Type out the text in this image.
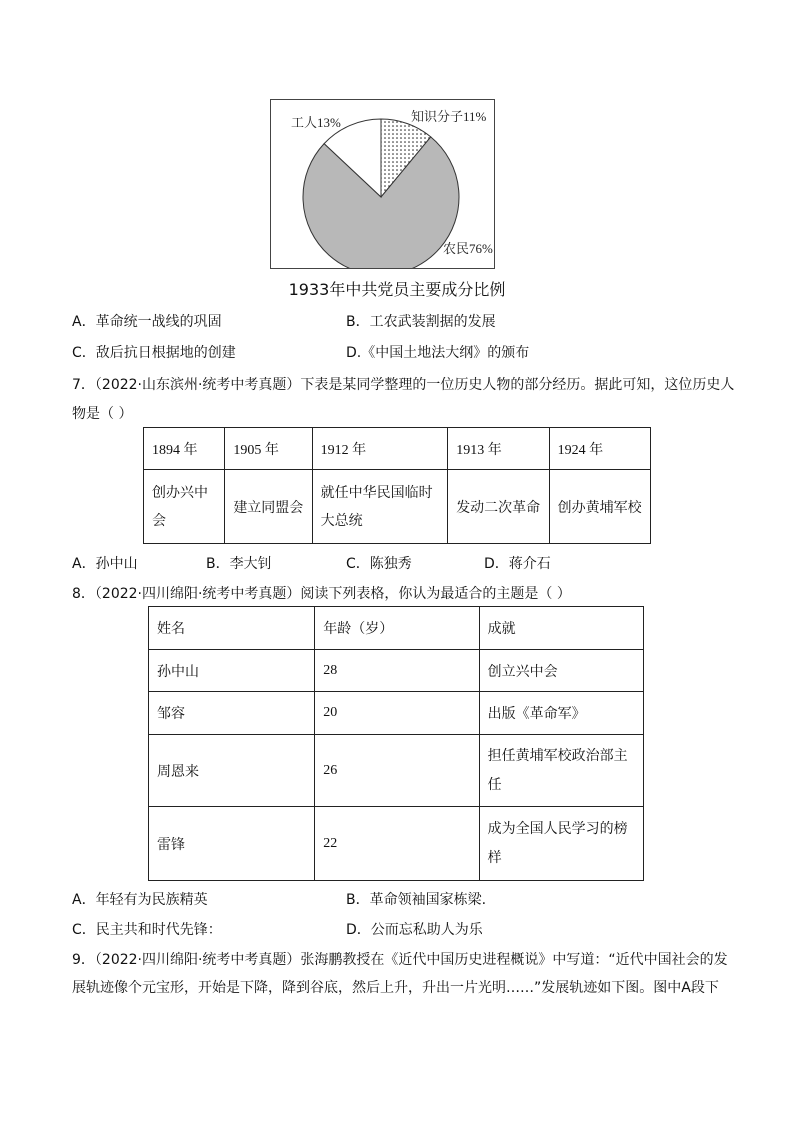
工人13%	知识分子11%
农民76%
1933年中共党员主要成分比例
A．革命统一战线的巩固	B．工农武装割据的发展
C．敌后抗日根据地的创建	D.《中国土地法大纲》的颁布
7．（2022·山东滨州·统考中考真题）下表是某同学整理的一位历史人物的部分经历。据此可知，这位历史人
物是（ ）
1894 年	1905 年	1912 年	1913 年	1924 年
创办兴中会	建立同盟会	就任中华民国临时大总统	发动二次革命	创办黄埔军校
A．孙中山	B．李大钊	C．陈独秀	D．蒋介石
8．（2022·四川绵阳·统考中考真题）阅读下列表格，你认为最适合的主题是（ ）
姓名	年龄（岁）	成就
孙中山	28	创立兴中会
邹容	20	出版《革命军》
周恩来	26	担任黄埔军校政治部主任
雷锋	22	成为全国人民学习的榜样
A．年轻有为民族精英	B．革命领袖国家栋梁.
C．民主共和时代先锋：	D．公而忘私助人为乐
9．（2022·四川绵阳·统考中考真题）张海鹏教授在《近代中国历史进程概说》中写道：“近代中国社会的发展轨迹像个元宝形，开始是下降，降到谷底，然后上升，升出一片光明……”发展轨迹如下图。图中A段下
